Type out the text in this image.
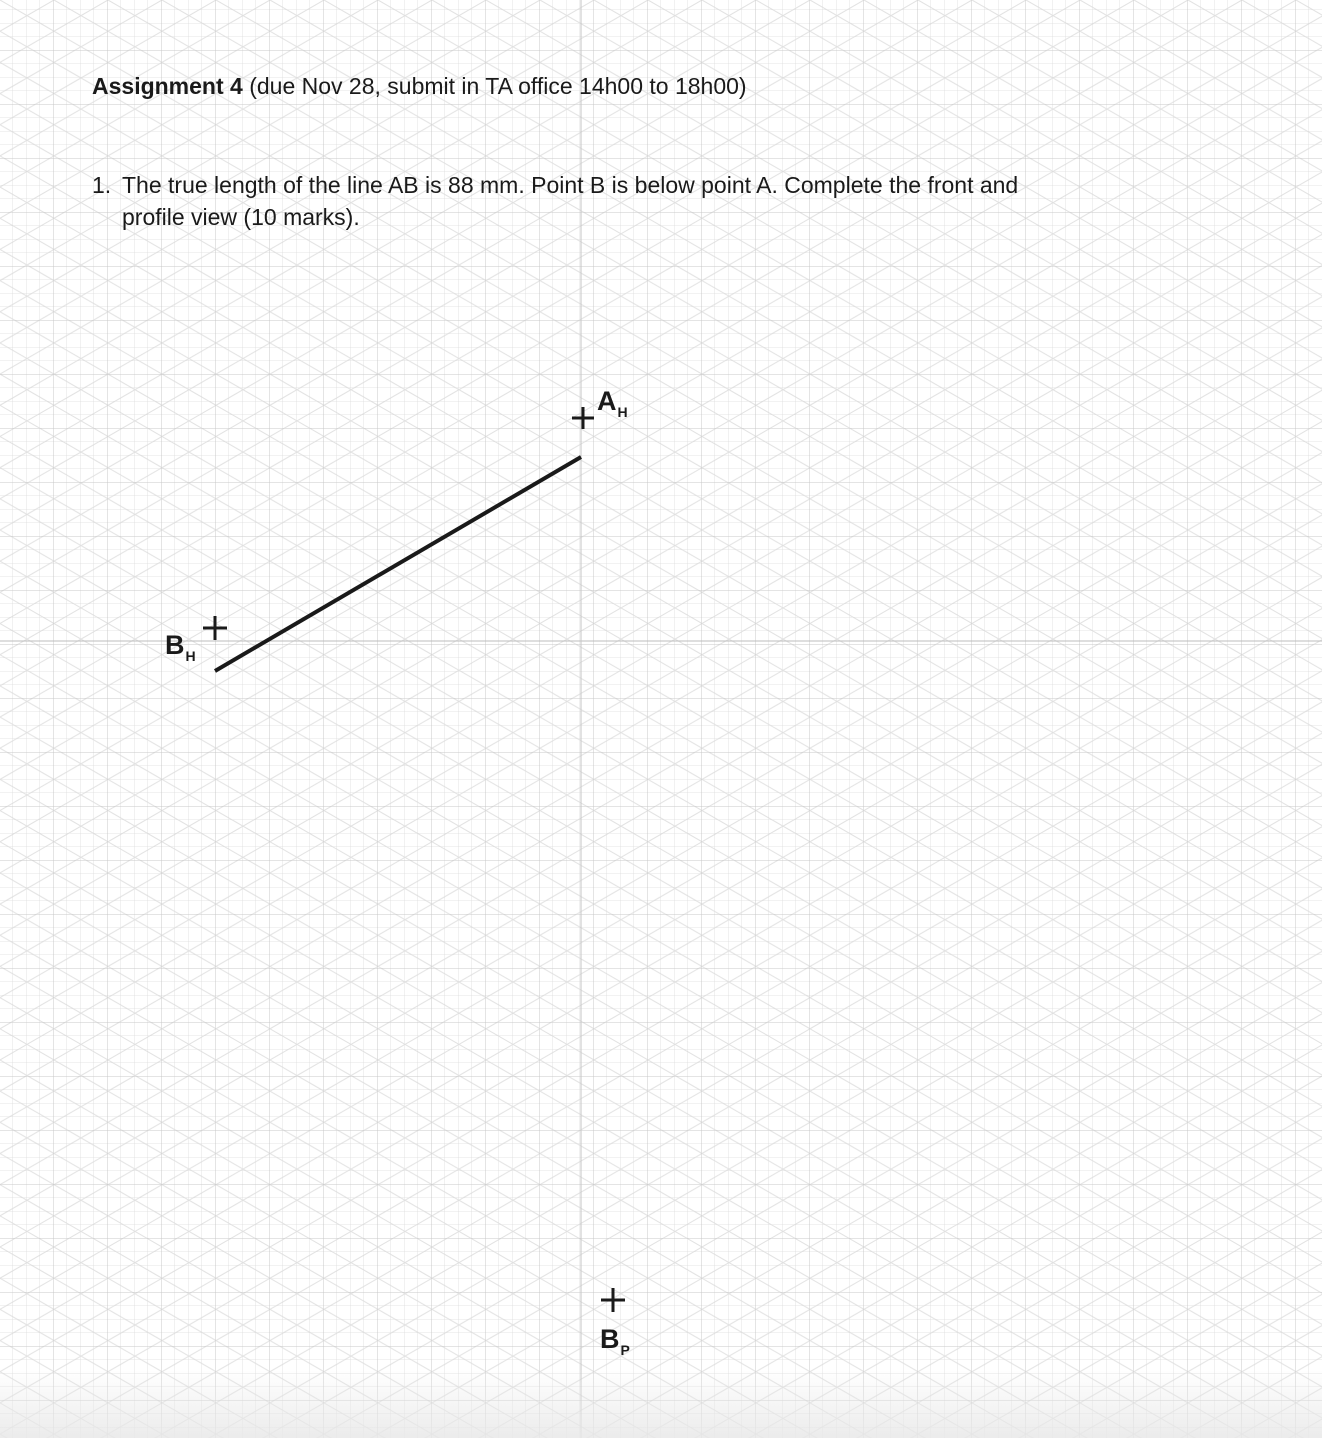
Assignment 4 (due Nov 28, submit in TA office 14h00 to 18h00)
1. The true length of the line AB is 88 mm. Point B is below point A. Complete the front and
profile view (10 marks).
$A_H$
$B_H$
$B_P$
